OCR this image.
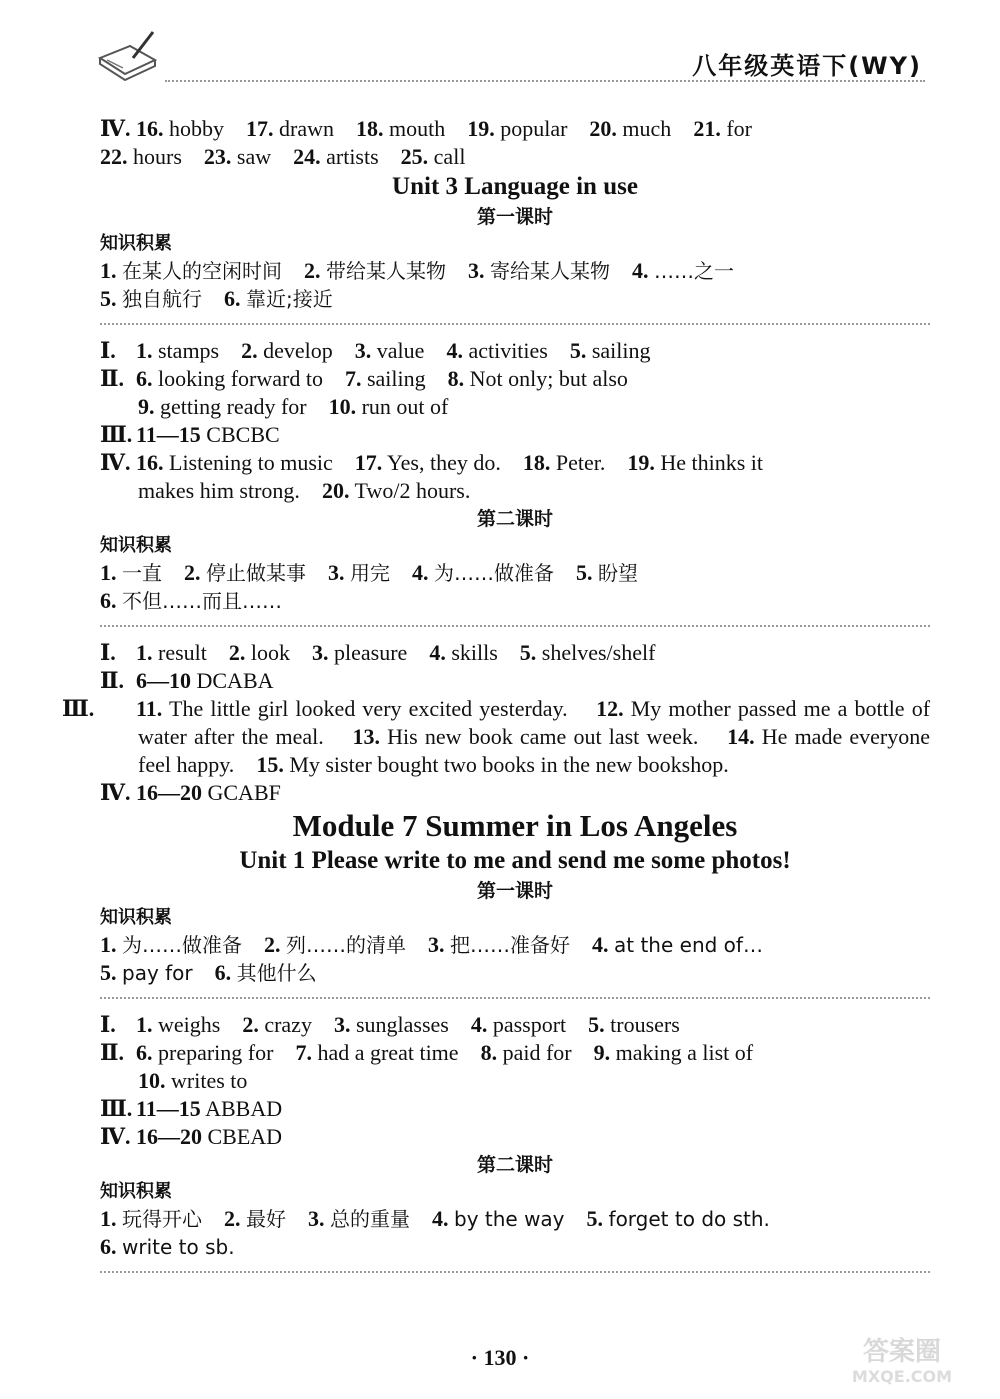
八年级英语下(WY)
Ⅳ. 16. hobby 17. drawn 18. mouth 19. popular 20. much 21. for
22. hours 23. saw 24. artists 25. call
Unit 3 Language in use
第一课时
知识积累
1. 在某人的空闲时间 2. 带给某人某物 3. 寄给某人某物 4. ……之一
5. 独自航行 6. 靠近;接近
Ⅰ. 1. stamps 2. develop 3. value 4. activities 5. sailing
Ⅱ. 6. looking forward to 7. sailing 8. Not only; but also
9. getting ready for 10. run out of
Ⅲ. 11—15 CBCBC
Ⅳ. 16. Listening to music 17. Yes, they do. 18. Peter. 19. He thinks it
makes him strong. 20. Two/2 hours.
第二课时
知识积累
1. 一直 2. 停止做某事 3. 用完 4. 为……做准备 5. 盼望
6. 不但……而且……
Ⅰ. 1. result 2. look 3. pleasure 4. skills 5. shelves/shelf
Ⅱ. 6—10 DCABA
Ⅲ. 11. The little girl looked very excited yesterday. 12. My mother passed me a bottle of water after the meal. 13. His new book came out last week. 14. He made everyone feel happy. 15. My sister bought two books in the new bookshop.
Ⅳ. 16—20 GCABF
Module 7 Summer in Los Angeles
Unit 1 Please write to me and send me some photos!
第一课时
知识积累
1. 为……做准备 2. 列……的清单 3. 把……准备好 4. at the end of…
5. pay for 6. 其他什么
Ⅰ. 1. weighs 2. crazy 3. sunglasses 4. passport 5. trousers
Ⅱ. 6. preparing for 7. had a great time 8. paid for 9. making a list of
10. writes to
Ⅲ. 11—15 ABBAD
Ⅳ. 16—20 CBEAD
第二课时
知识积累
1. 玩得开心 2. 最好 3. 总的重量 4. by the way 5. forget to do sth.
6. write to sb.
· 130 ·	答案圈
MXQE.COM
